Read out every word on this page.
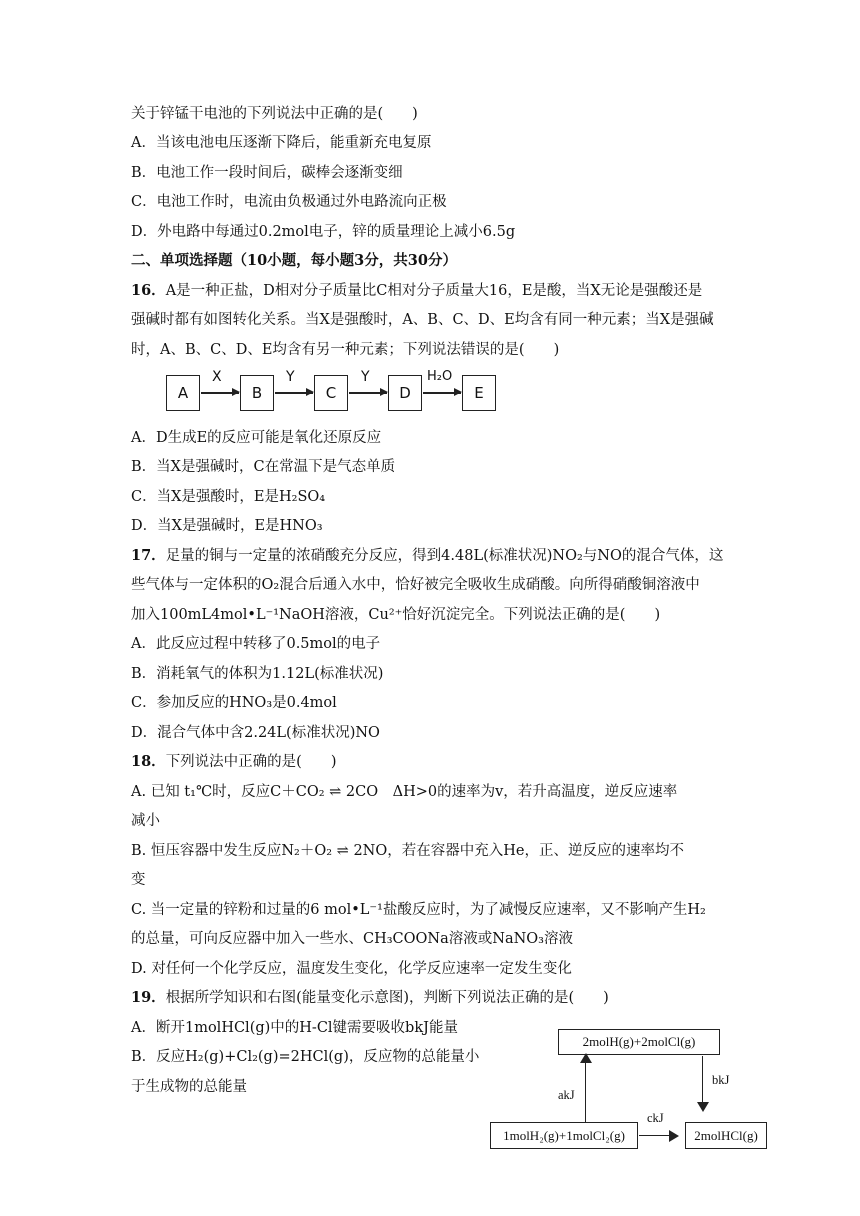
关于锌锰干电池的下列说法中正确的是(　　)
A．当该电池电压逐渐下降后，能重新充电复原
B．电池工作一段时间后，碳棒会逐渐变细
C．电池工作时，电流由负极通过外电路流向正极
D．外电路中每通过0.2mol电子，锌的质量理论上减小6.5g
二、单项选择题（10小题，每小题3分，共30分）
16．A是一种正盐，D相对分子质量比C相对分子质量大16，E是酸，当X无论是强酸还是
强碱时都有如图转化关系。当X是强酸时，A、B、C、D、E均含有同一种元素；当X是强碱
时，A、B、C、D、E均含有另一种元素；下列说法错误的是(　　)
A
X
B
Y
C
Y
D
H₂O
E
A．D生成E的反应可能是氧化还原反应
B．当X是强碱时，C在常温下是气态单质
C．当X是强酸时，E是H₂SO₄
D．当X是强碱时，E是HNO₃
17．足量的铜与一定量的浓硝酸充分反应，得到4.48L(标准状况)NO₂与NO的混合气体，这
些气体与一定体积的O₂混合后通入水中，恰好被完全吸收生成硝酸。向所得硝酸铜溶液中
加入100mL4mol•L⁻¹NaOH溶液，Cu²⁺恰好沉淀完全。下列说法正确的是(　　)
A．此反应过程中转移了0.5mol的电子
B．消耗氧气的体积为1.12L(标准状况)
C．参加反应的HNO₃是0.4mol
D．混合气体中含2.24L(标准状况)NO
18．下列说法中正确的是(　　)
A. 已知 t₁℃时，反应C＋CO₂ ⇌ 2CO　ΔH>0的速率为v，若升高温度，逆反应速率
减小
B. 恒压容器中发生反应N₂＋O₂ ⇌ 2NO，若在容器中充入He，正、逆反应的速率均不
变
C. 当一定量的锌粉和过量的6 mol•L⁻¹盐酸反应时，为了减慢反应速率，又不影响产生H₂
的总量，可向反应器中加入一些水、CH₃COONa溶液或NaNO₃溶液
D. 对任何一个化学反应，温度发生变化，化学反应速率一定发生变化
19．根据所学知识和右图(能量变化示意图)，判断下列说法正确的是(　　)
A．断开1molHCl(g)中的H-Cl键需要吸收bkJ能量
B．反应H₂(g)+Cl₂(g)=2HCl(g)，反应物的总能量小
于生成物的总能量
2molH(g)+2molCl(g)
akJ
bkJ
1molH₂(g)+1molCl₂(g)
ckJ
2molHCl(g)
